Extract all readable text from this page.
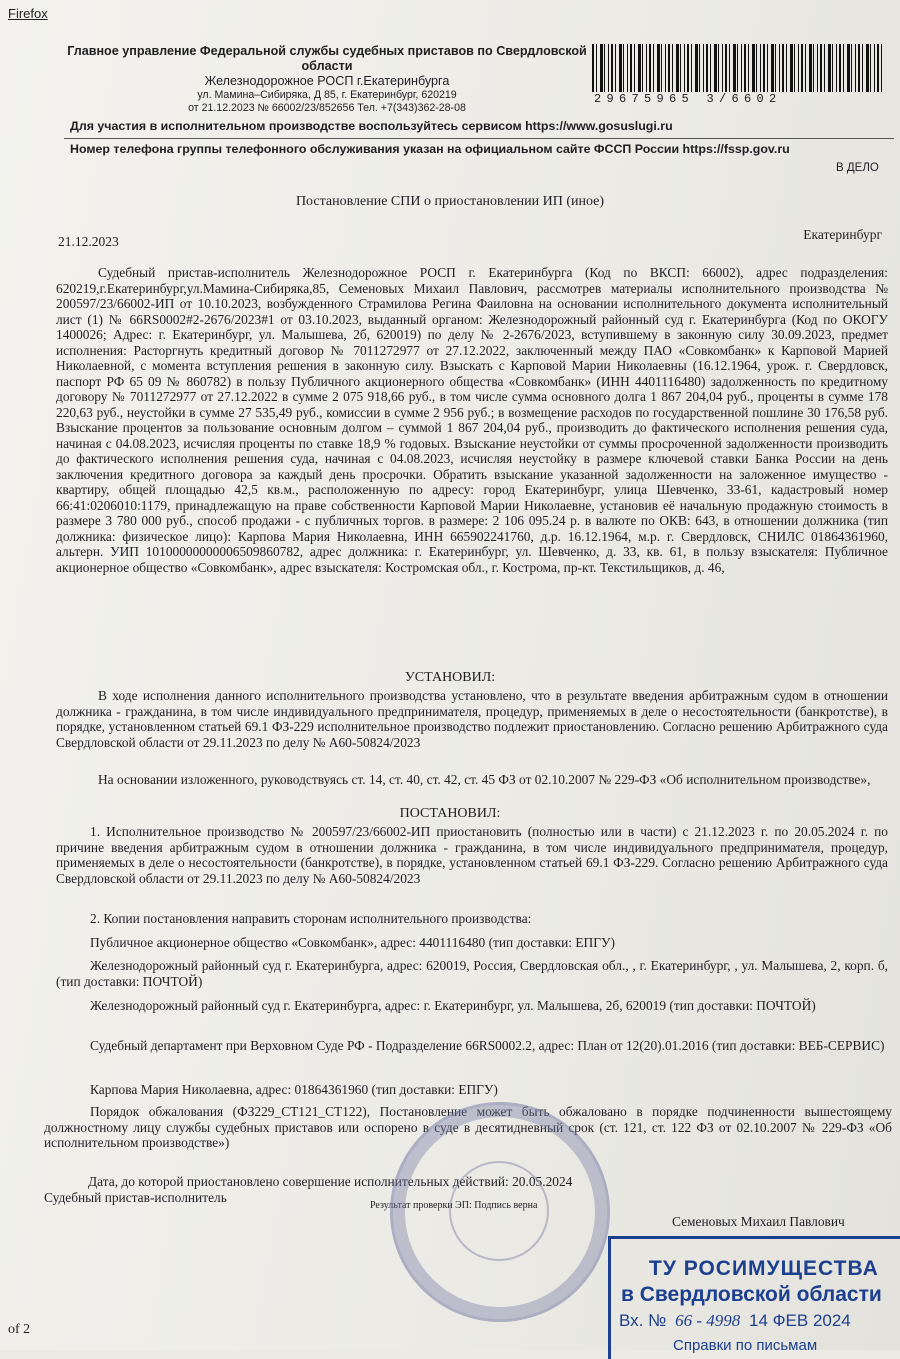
Firefox
Главное управление Федеральной службы судебных приставов по Свердловской области
Железнодорожное РОСП г.Екатеринбурга
ул. Мамина–Сибиряка, Д 85, г. Екатеринбург, 620219
от 21.12.2023 № 66002/23/852656 Тел. +7(343)362-28-08
29675965 3/6602
Для участия в исполнительном производстве воспользуйтесь сервисом https://www.gosuslugi.ru
Номер телефона группы телефонного обслуживания указан на официальном сайте ФССП России https://fssp.gov.ru
В ДЕЛО
Постановление СПИ о приостановлении ИП (иное)
21.12.2023	Екатеринбург
Судебный пристав-исполнитель Железнодорожное РОСП г. Екатеринбурга (Код по ВКСП: 66002), адрес подразделения: 620219,г.Екатеринбург,ул.Мамина-Сибиряка,85, Семеновых Михаил Павлович, рассмотрев материалы исполнительного производства № 200597/23/66002-ИП от 10.10.2023, возбужденного Страмилова Регина Фаиловна на основании исполнительного документа исполнительный лист (1) № 66RS0002#2-2676/2023#1 от 03.10.2023, выданный органом: Железнодорожный районный суд г. Екатеринбурга (Код по ОКОГУ 1400026; Адрес: г. Екатеринбург, ул. Малышева, 2б, 620019) по делу № 2-2676/2023, вступившему в законную силу 30.09.2023, предмет исполнения: Расторгнуть кредитный договор № 7011272977 от 27.12.2022, заключенный между ПАО «Совкомбанк» к Карповой Марией Николаевной, с момента вступления решения в законную силу. Взыскать с Карповой Марии Николаевны (16.12.1964, урож. г. Свердловск, паспорт РФ 65 09 № 860782) в пользу Публичного акционерного общества «Совкомбанк» (ИНН 4401116480) задолженность по кредитному договору № 7011272977 от 27.12.2022 в сумме 2 075 918,66 руб., в том числе сумма основного долга 1 867 204,04 руб., проценты в сумме 178 220,63 руб., неустойки в сумме 27 535,49 руб., комиссии в сумме 2 956 руб.; в возмещение расходов по государственной пошлине 30 176,58 руб. Взыскание процентов за пользование основным долгом – суммой 1 867 204,04 руб., производить до фактического исполнения решения суда, начиная с 04.08.2023, исчисляя проценты по ставке 18,9 % годовых. Взыскание неустойки от суммы просроченной задолженности производить до фактического исполнения решения суда, начиная с 04.08.2023, исчисляя неустойку в размере ключевой ставки Банка России на день заключения кредитного договора за каждый день просрочки. Обратить взыскание указанной задолженности на заложенное имущество - квартиру, общей площадью 42,5 кв.м., расположенную по адресу: город Екатеринбург, улица Шевченко, 33-61, кадастровый номер 66:41:0206010:1179, принадлежащую на праве собственности Карповой Марии Николаевне, установив её начальную продажную стоимость в размере 3 780 000 руб., способ продажи - с публичных торгов. в размере: 2 106 095.24 р. в валюте по ОКВ: 643, в отношении должника (тип должника: физическое лицо): Карпова Мария Николаевна, ИНН 665902241760, д.р. 16.12.1964, м.р. г. Свердловск, СНИЛС 01864361960, альтерн. УИП 10100000000006509860782, адрес должника: г. Екатеринбург, ул. Шевченко, д. 33, кв. 61, в пользу взыскателя: Публичное акционерное общество «Совкомбанк», адрес взыскателя: Костромская обл., г. Кострома, пр-кт. Текстильщиков, д. 46,
УСТАНОВИЛ:
В ходе исполнения данного исполнительного производства установлено, что в результате введения арбитражным судом в отношении должника - гражданина, в том числе индивидуального предпринимателя, процедур, применяемых в деле о несостоятельности (банкротстве), в порядке, установленном статьей 69.1 ФЗ-229 исполнительное производство подлежит приостановлению. Согласно решению Арбитражного суда Свердловской области от 29.11.2023 по делу № А60-50824/2023
На основании изложенного, руководствуясь ст. 14, ст. 40, ст. 42, ст. 45 ФЗ от 02.10.2007 № 229-ФЗ «Об исполнительном производстве»,
ПОСТАНОВИЛ:
1. Исполнительное производство № 200597/23/66002-ИП приостановить (полностью или в части) с 21.12.2023 г. по 20.05.2024 г. по причине введения арбитражным судом в отношении должника - гражданина, в том числе индивидуального предпринимателя, процедур, применяемых в деле о несостоятельности (банкротстве), в порядке, установленном статьей 69.1 ФЗ-229. Согласно решению Арбитражного суда Свердловской области от 29.11.2023 по делу № А60-50824/2023
2. Копии постановления направить сторонам исполнительного производства:
Публичное акционерное общество «Совкомбанк», адрес: 4401116480 (тип доставки: ЕПГУ)
Железнодорожный районный суд г. Екатеринбурга, адрес: 620019, Россия, Свердловская обл., , г. Екатеринбург, , ул. Малышева, 2, корп. б, (тип доставки: ПОЧТОЙ)
Железнодорожный районный суд г. Екатеринбурга, адрес: г. Екатеринбург, ул. Малышева, 2б, 620019 (тип доставки: ПОЧТОЙ)
Судебный департамент при Верховном Суде РФ - Подразделение 66RS0002.2, адрес: План от 12(20).01.2016 (тип доставки: ВЕБ-СЕРВИС)
Карпова Мария Николаевна, адрес: 01864361960 (тип доставки: ЕПГУ)
Порядок обжалования (ФЗ229_СТ121_СТ122), Постановление может быть обжаловано в порядке подчиненности вышестоящему должностному лицу службы судебных приставов или оспорено в суде в десятидневный срок (ст. 121, ст. 122 ФЗ от 02.10.2007 № 229-ФЗ «Об исполнительном производстве»)
Дата, до которой приостановлено совершение исполнительных действий: 20.05.2024
Судебный пристав-исполнитель
Результат проверки ЭП: Подпись верна
Семеновых Михаил Павлович
ТУ РОСИМУЩЕСТВА
в Свердловской области
Вх. № 66 - 4998 14 ФЕВ 2024
Справки по письмам
of 2
